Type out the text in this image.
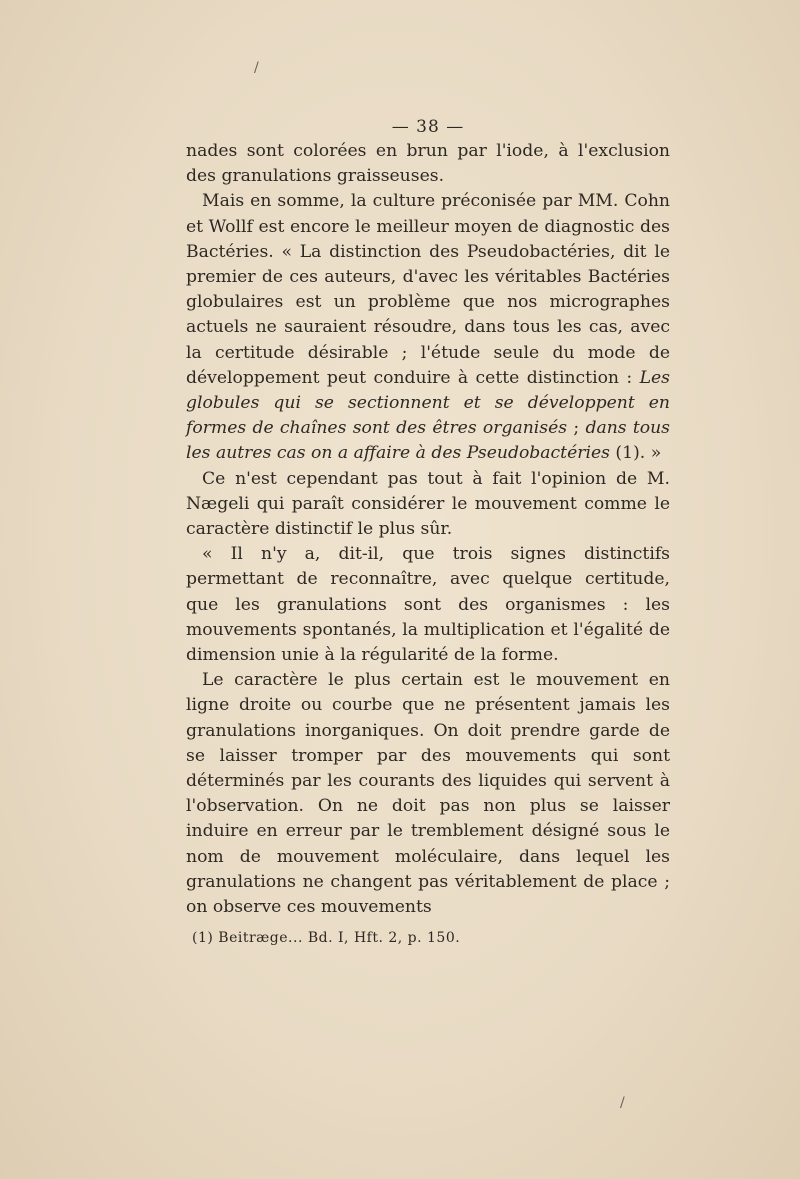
/
— 38 —

nades sont colorées en brun par l'iode, à l'exclusion des granulations graisseuses.

Mais en somme, la culture préconisée par MM. Cohn et Wollf est encore le meilleur moyen de diagnostic des Bactéries. « La distinction des Pseudobactéries, dit le premier de ces auteurs, d'avec les véritables Bactéries globulaires est un problème que nos micrographes actuels ne sauraient résoudre, dans tous les cas, avec la certitude désirable ; l'étude seule du mode de développement peut conduire à cette distinction : Les globules qui se sectionnent et se développent en formes de chaînes sont des êtres organisés ; dans tous les autres cas on a affaire à des Pseudobactéries (1). »

Ce n'est cependant pas tout à fait l'opinion de M. Nægeli qui paraît considérer le mouvement comme le caractère distinctif le plus sûr.

« Il n'y a, dit-il, que trois signes distinctifs permettant de reconnaître, avec quelque certitude, que les granulations sont des organismes : les mouvements spontanés, la multiplication et l'égalité de dimension unie à la régularité de la forme.

Le caractère le plus certain est le mouvement en ligne droite ou courbe que ne présentent jamais les granulations inorganiques. On doit prendre garde de se laisser tromper par des mouvements qui sont déterminés par les courants des liquides qui servent à l'observation. On ne doit pas non plus se laisser induire en erreur par le tremblement désigné sous le nom de mouvement moléculaire, dans lequel les granulations ne changent pas véritablement de place ; on observe ces mouvements

(1) Beitræge... Bd. I, Hft. 2, p. 150.
/
